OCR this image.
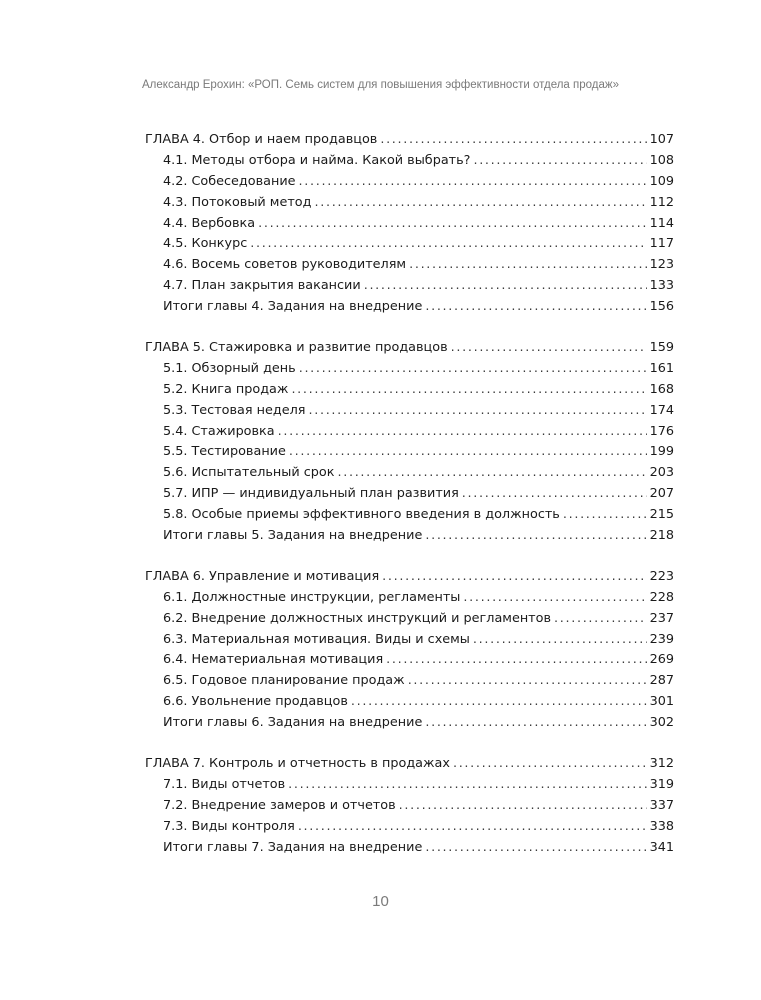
Александр Ерохин: «РОП. Семь систем для повышения эффективности отдела продаж»
ГЛАВА 4. Отбор и наем продавцов . . .	107
4.1. Методы отбора и найма. Какой выбрать? . . .	108
4.2. Собеседование . . .	109
4.3. Потоковый метод . . .	112
4.4. Вербовка . . .	114
4.5. Конкурс . . .	117
4.6. Восемь советов руководителям . . .	123
4.7. План закрытия вакансии . . .	133
Итоги главы 4. Задания на внедрение . . .	156
ГЛАВА 5. Стажировка и развитие продавцов . . .	159
5.1. Обзорный день . . .	161
5.2. Книга продаж . . .	168
5.3. Тестовая неделя . . .	174
5.4. Стажировка . . .	176
5.5. Тестирование . . .	199
5.6. Испытательный срок . . .	203
5.7. ИПР — индивидуальный план развития . . .	207
5.8. Особые приемы эффективного введения в должность . . .	215
Итоги главы 5. Задания на внедрение . . .	218
ГЛАВА 6. Управление и мотивация . . .	223
6.1. Должностные инструкции, регламенты . . .	228
6.2. Внедрение должностных инструкций и регламентов . . .	237
6.3. Материальная мотивация. Виды и схемы . . .	239
6.4. Нематериальная мотивация . . .	269
6.5. Годовое планирование продаж . . .	287
6.6. Увольнение продавцов . . .	301
Итоги главы 6. Задания на внедрение . . .	302
ГЛАВА 7. Контроль и отчетность в продажах . . .	312
7.1. Виды отчетов . . .	319
7.2. Внедрение замеров и отчетов . . .	337
7.3. Виды контроля . . .	338
Итоги главы 7. Задания на внедрение . . .	341
10
